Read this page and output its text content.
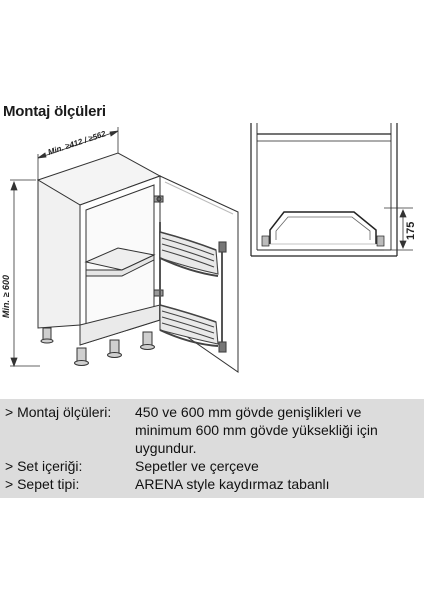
Montaj ölçüleri
Min. ≥412 / ≥562
Min. ≥ 600
175
> Montaj ölçüleri: 450 ve 600 mm gövde genişlikleri ve minimum 600 mm gövde yüksekliği için uygundur.
> Set içeriği:	Sepetler ve çerçeve
> Sepet tipi:	ARENA style kaydırmaz tabanlı
